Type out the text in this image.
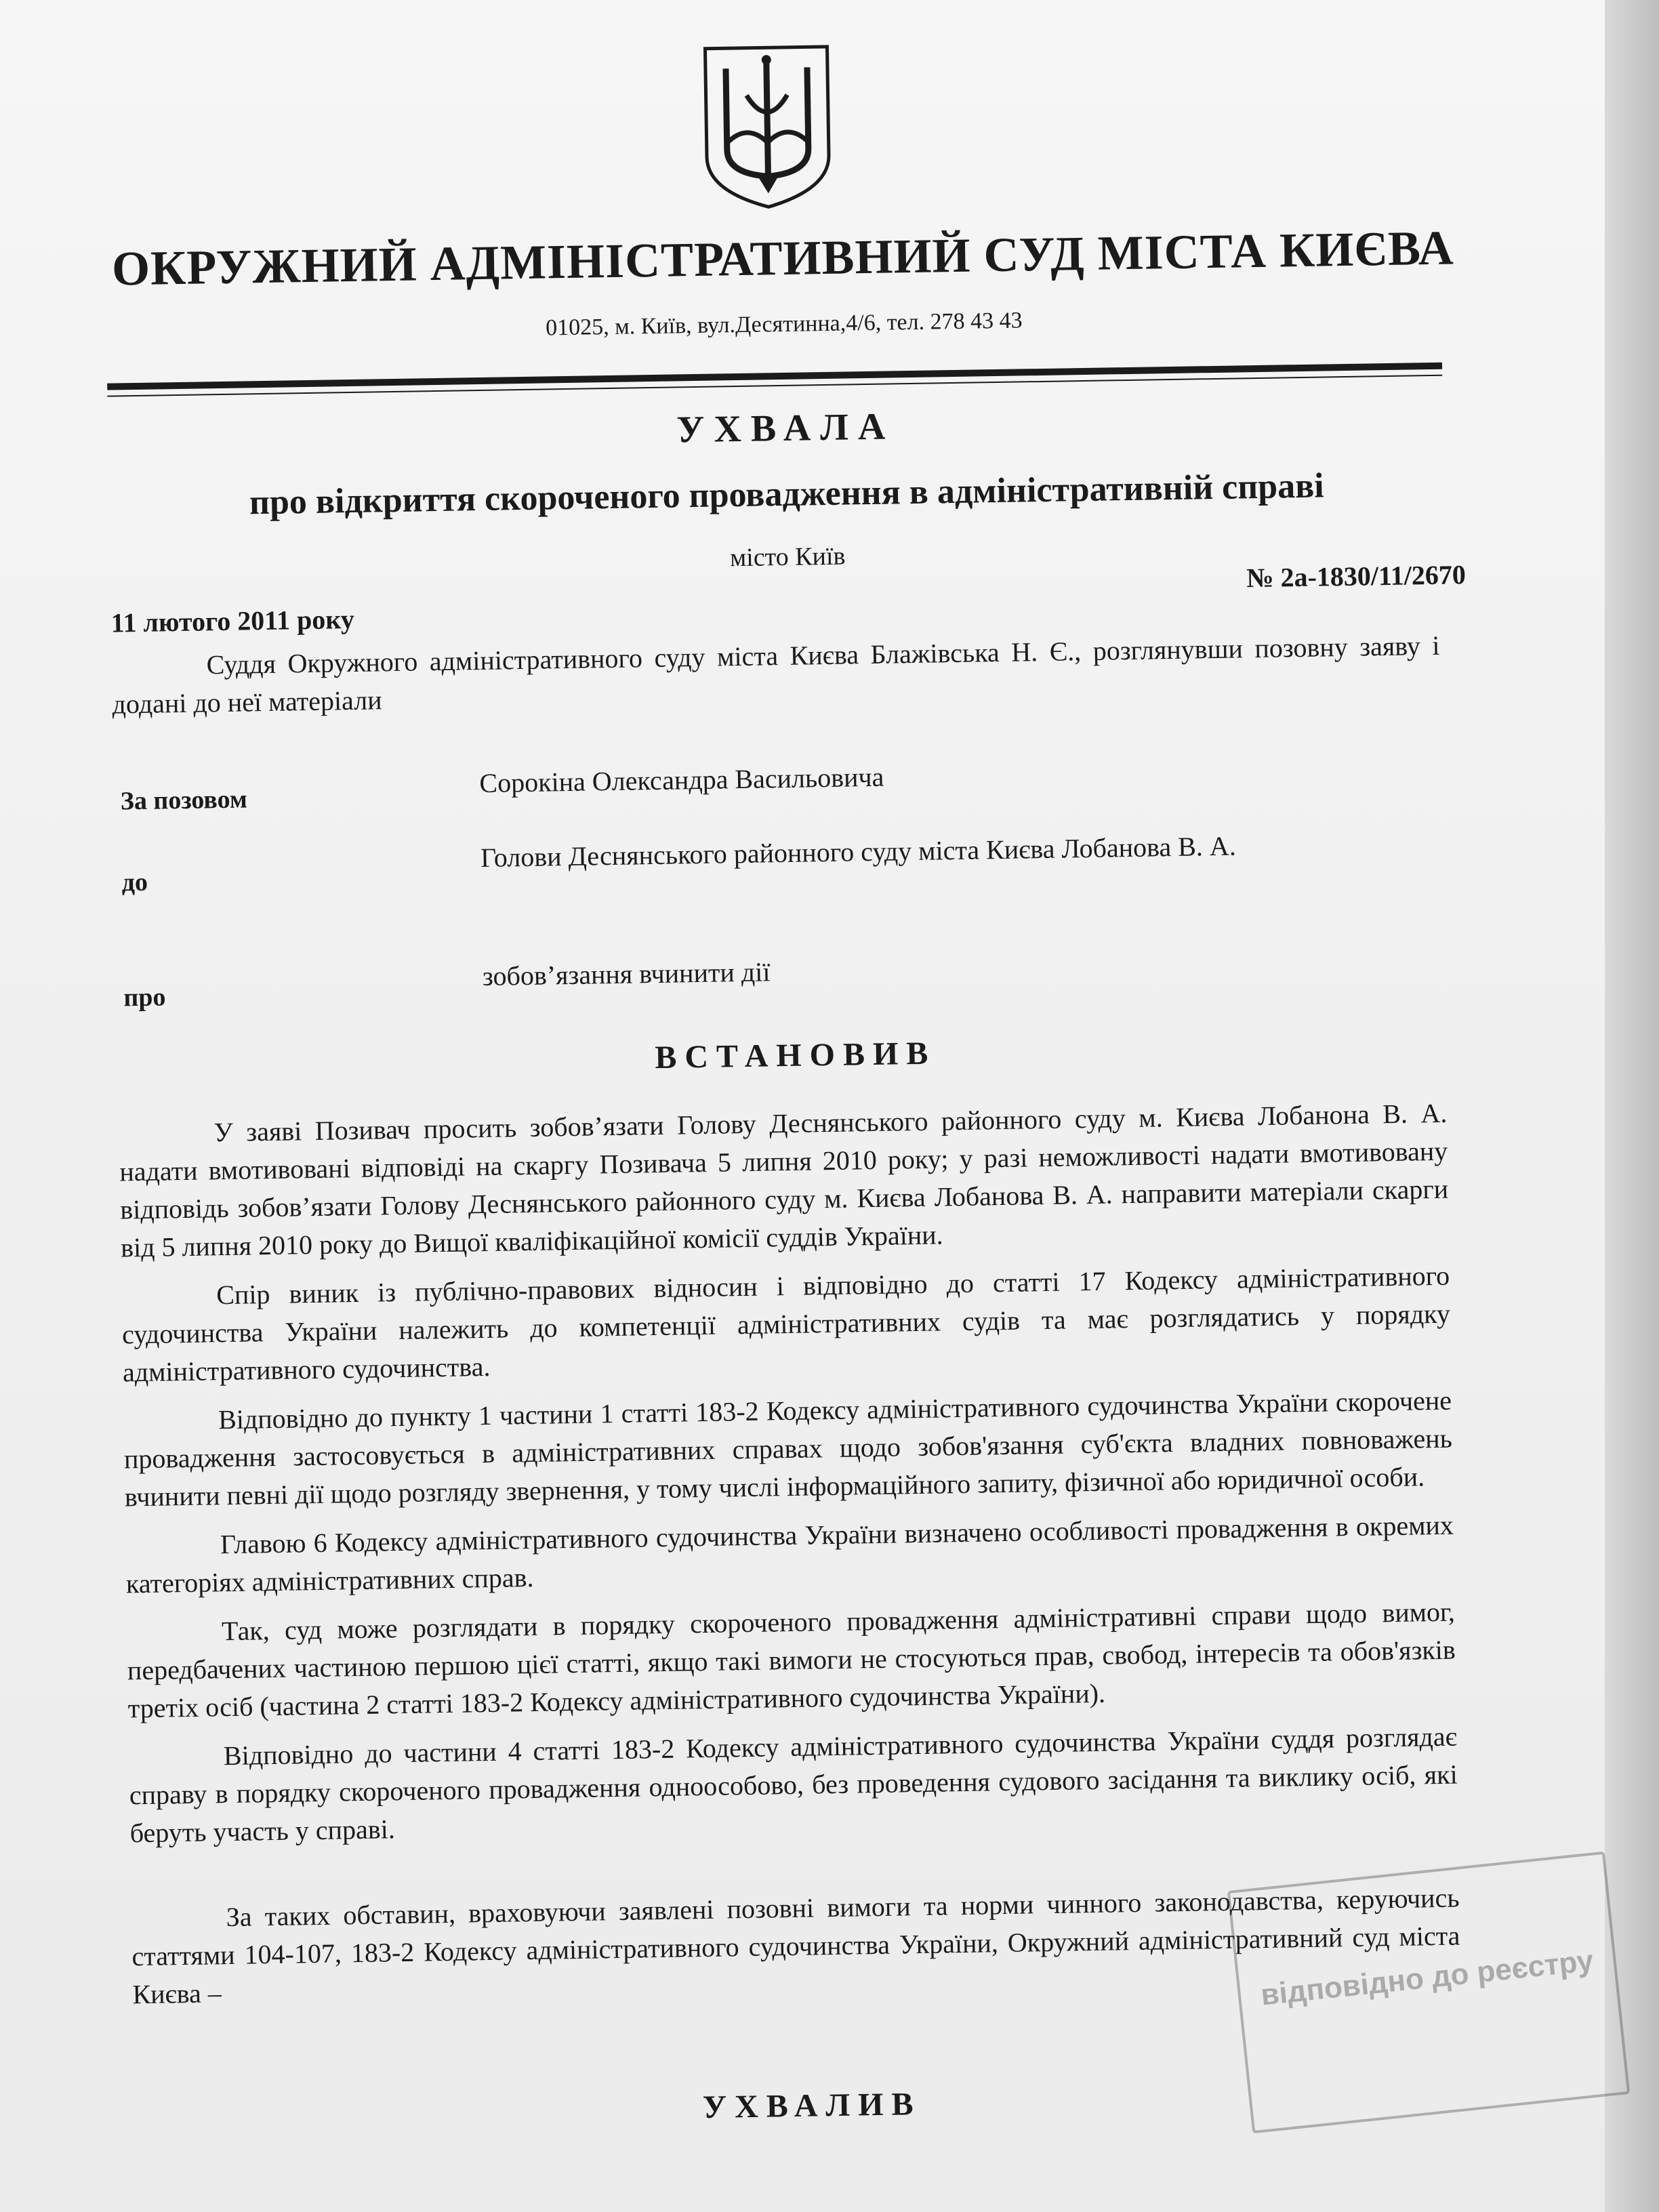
ОКРУЖНИЙ АДМІНІСТРАТИВНИЙ СУД МІСТА КИЄВА
01025, м. Київ, вул.Десятинна,4/6, тел. 278 43 43
УХВАЛА
про відкриття скороченого провадження в адміністративній справі
місто Київ
№ 2а-1830/11/2670
11 лютого 2011 року
Суддя Окружного адміністративного суду міста Києва Блажівська Н. Є., розглянувши позовну заяву і додані до неї матеріали
За позовом
Сорокіна Олександра Васильовича
до
Голови Деснянського районного суду міста Києва Лобанова В. А.
про
зобов’язання вчинити дії
ВСТАНОВИВ

У заяві Позивач просить зобов’язати Голову Деснянського районного суду м. Києва Лобанона В. А. надати вмотивовані відповіді на скаргу Позивача 5 липня 2010 року; у разі неможливості надати вмотивовану відповідь зобов’язати Голову Деснянського районного суду м. Києва Лобанова В. А. направити матеріали скарги від 5 липня 2010 року до Вищої кваліфікаційної комісії суддів України.

Спір виник із публічно-правових відносин і відповідно до статті 17 Кодексу адміністративного судочинства України належить до компетенції адміністративних судів та має розглядатись у порядку адміністративного судочинства.

Відповідно до пункту 1 частини 1 статті 183-2 Кодексу адміністративного судочинства України скорочене провадження застосовується в адміністративних справах щодо зобов'язання суб'єкта владних повноважень вчинити певні дії щодо розгляду звернення, у тому числі інформаційного запиту, фізичної або юридичної особи.

Главою 6 Кодексу адміністративного судочинства України визначено особливості провадження в окремих категоріях адміністративних справ.

Так, суд може розглядати в порядку скороченого провадження адміністративні справи щодо вимог, передбачених частиною першою цієї статті, якщо такі вимоги не стосуються прав, свобод, інтересів та обов'язків третіх осіб (частина 2 статті 183-2 Кодексу адміністративного судочинства України).

Відповідно до частини 4 статті 183-2 Кодексу адміністративного судочинства України суддя розглядає справу в порядку скороченого провадження одноособово, без проведення судового засідання та виклику осіб, які беруть участь у справі.

За таких обставин, враховуючи заявлені позовні вимоги та норми чинного законодавства, керуючись статтями 104-107, 183-2 Кодексу адміністративного судочинства України, Окружний адміністративний суд міста Києва –

УХВАЛИВ
відповідно до реєстру
